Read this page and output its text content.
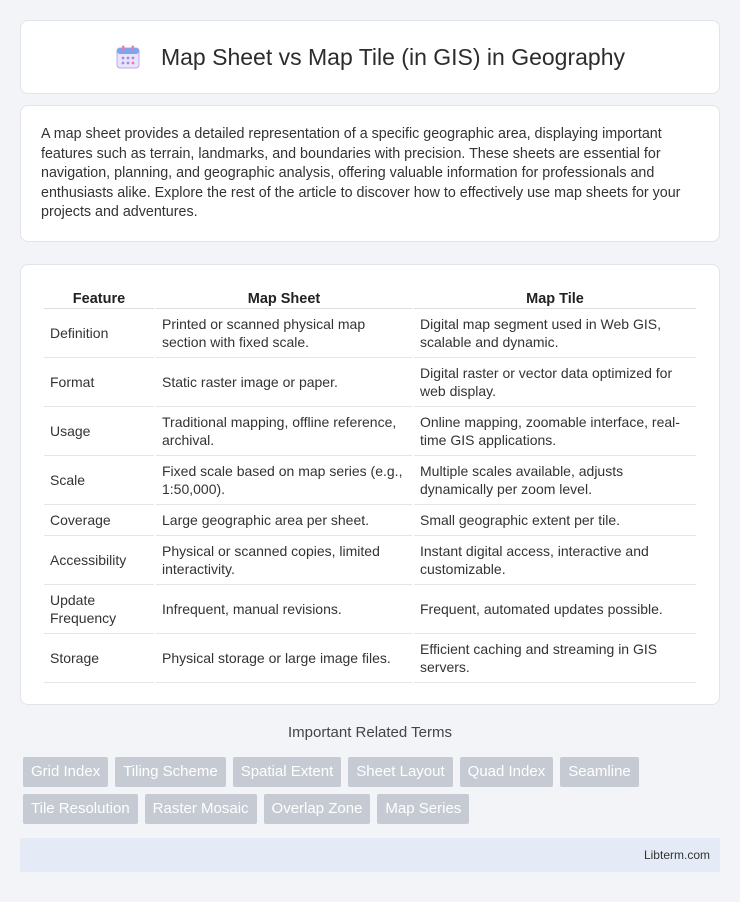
Map Sheet vs Map Tile (in GIS) in Geography

A map sheet provides a detailed representation of a specific geographic area, displaying important features such as terrain, landmarks, and boundaries with precision. These sheets are essential for navigation, planning, and geographic analysis, offering valuable information for professionals and enthusiasts alike. Explore the rest of the article to discover how to effectively use map sheets for your projects and adventures.

Feature	Map Sheet	Map Tile
Definition	Printed or scanned physical map section with fixed scale.	Digital map segment used in Web GIS, scalable and dynamic.
Format	Static raster image or paper.	Digital raster or vector data optimized for web display.
Usage	Traditional mapping, offline reference, archival.	Online mapping, zoomable interface, real-time GIS applications.
Scale	Fixed scale based on map series (e.g., 1:50,000).	Multiple scales available, adjusts dynamically per zoom level.
Coverage	Large geographic area per sheet.	Small geographic extent per tile.
Accessibility	Physical or scanned copies, limited interactivity.	Instant digital access, interactive and customizable.
Update Frequency	Infrequent, manual revisions.	Frequent, automated updates possible.
Storage	Physical storage or large image files.	Efficient caching and streaming in GIS servers.
Important Related Terms
Grid Index	Tiling Scheme	Spatial Extent	Sheet Layout	Quad Index	Seamline
Tile Resolution	Raster Mosaic	Overlap Zone	Map Series
Libterm.com
